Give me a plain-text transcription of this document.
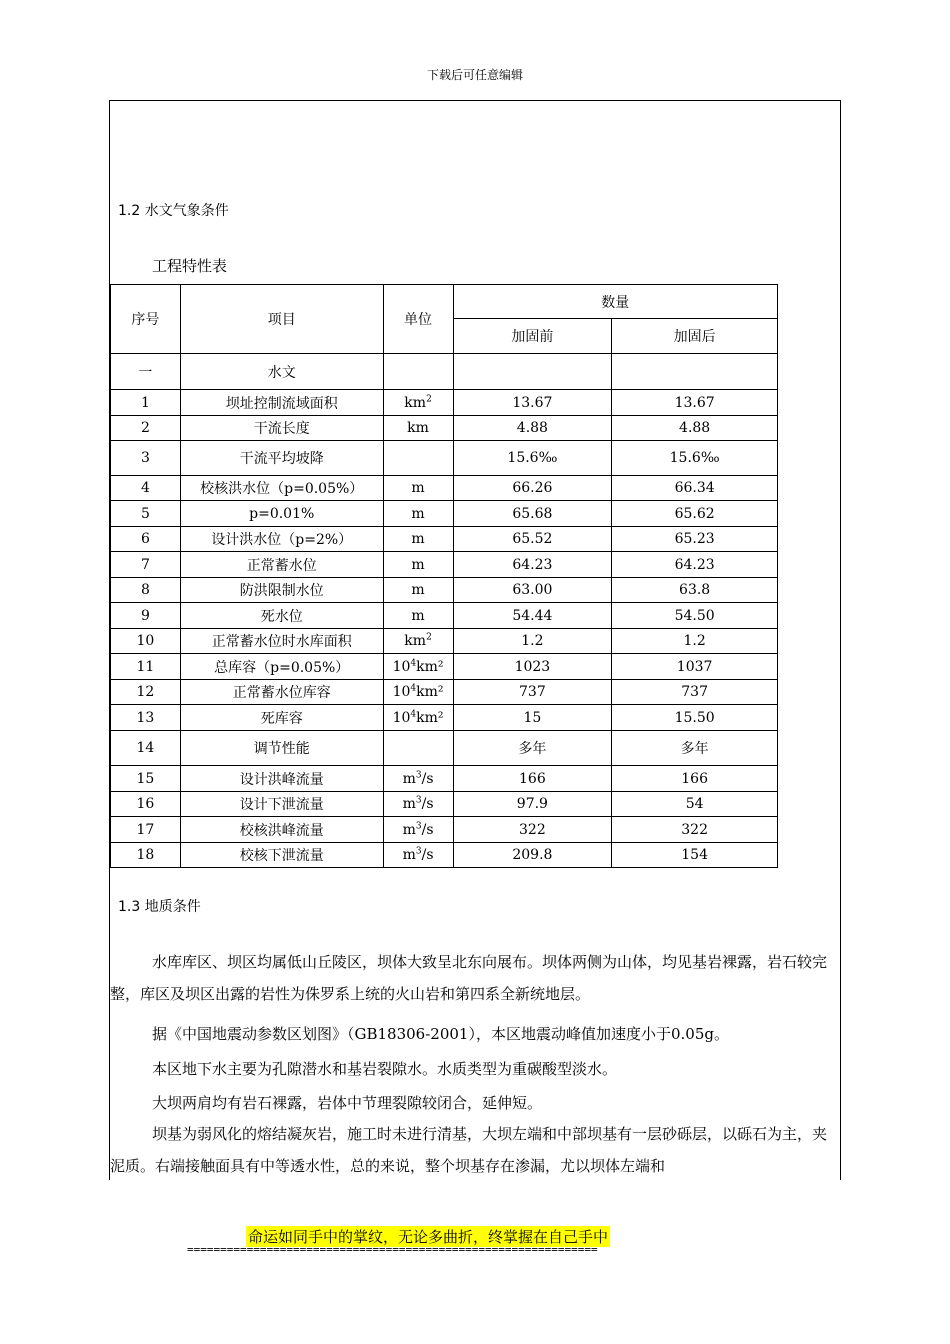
下载后可任意编辑
1.2 水文气象条件
工程特性表
序号	项目	单位	数量	
			加固前	加固后
一	水文			
1	坝址控制流域面积	$km^2$	13.67	13.67
2	干流长度	km	4.88	4.88
3	干流平均坡降		15.6‰	15.6‰
4	校核洪水位（p=0.05%）	m	66.26	66.34
5	p=0.01%	m	65.68	65.62
6	设计洪水位（p=2%）	m	65.52	65.23
7	正常蓄水位	m	64.23	64.23
8	防洪限制水位	m	63.00	63.8
9	死水位	m	54.44	54.50
10	正常蓄水位时水库面积	$km^2$	1.2	1.2
11	总库容（p=0.05%）	$10^4km^2$	1023	1037
12	正常蓄水位库容	$10^4km^2$	737	737
13	死库容	$10^4km^2$	15	15.50
14	调节性能		多年	多年
15	设计洪峰流量	$m^3/s$	166	166
16	设计下泄流量	$m^3/s$	97.9	54
17	校核洪峰流量	$m^3/s$	322	322
18	校核下泄流量	$m^3/s$	209.8	154
1.3 地质条件
水库库区、坝区均属低山丘陵区，坝体大致呈北东向展布。坝体两侧为山体，均见基岩裸露，岩石较完整，库区及坝区出露的岩性为侏罗系上统的火山岩和第四系全新统地层。
据《中国地震动参数区划图》（GB18306-2001），本区地震动峰值加速度小于0.05g。
本区地下水主要为孔隙潜水和基岩裂隙水。水质类型为重碳酸型淡水。
大坝两肩均有岩石裸露，岩体中节理裂隙较闭合，延伸短。
坝基为弱风化的熔结凝灰岩，施工时未进行清基，大坝左端和中部坝基有一层砂砾层，以砾石为主，夹泥质。右端接触面具有中等透水性，总的来说，整个坝基存在渗漏，尤以坝体左端和
命运如同手中的掌纹，无论多曲折，终掌握在自己手中
==============================================================
